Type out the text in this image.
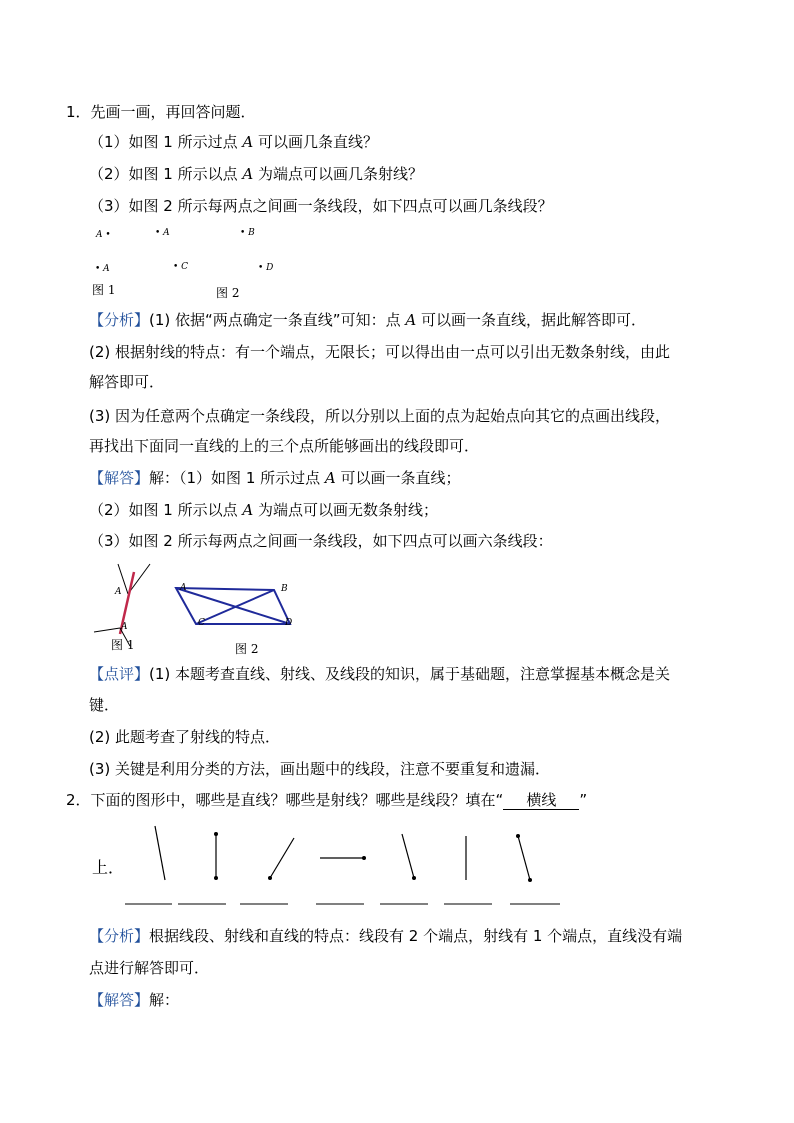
1．先画一画，再回答问题．
（1）如图 1 所示过点 A 可以画几条直线？
（2）如图 1 所示以点 A 为端点可以画几条射线？
（3）如图 2 所示每两点之间画一条线段，如下四点可以画几条线段？
A •	• A
• A
• B
• C	• D
图 1	图 2
【分析】(1) 依据“两点确定一条直线”可知：点 A 可以画一条直线，据此解答即可．
(2) 根据射线的特点：有一个端点，无限长；可以得出由一点可以引出无数条射线，由此
解答即可．
(3) 因为任意两个点确定一条线段，所以分别以上面的点为起始点向其它的点画出线段，
再找出下面同一直线的上的三个点所能够画出的线段即可．
【解答】解：（1）如图 1 所示过点 A 可以画一条直线；
（2）如图 1 所示以点 A 为端点可以画无数条射线；
（3）如图 2 所示每两点之间画一条线段，如下四点可以画六条线段：
A
A
图 1
A	B
C	D
图 2
【点评】(1) 本题考查直线、射线、及线段的知识，属于基础题，注意掌握基本概念是关
键．
(2) 此题考查了射线的特点．
(3) 关键是利用分类的方法，画出题中的线段，注意不要重复和遗漏．
2．下面的图形中，哪些是直线？哪些是射线？哪些是线段？填在“ 横线 ”
上．
【分析】根据线段、射线和直线的特点：线段有 2 个端点，射线有 1 个端点，直线没有端
点进行解答即可．
【解答】解：
